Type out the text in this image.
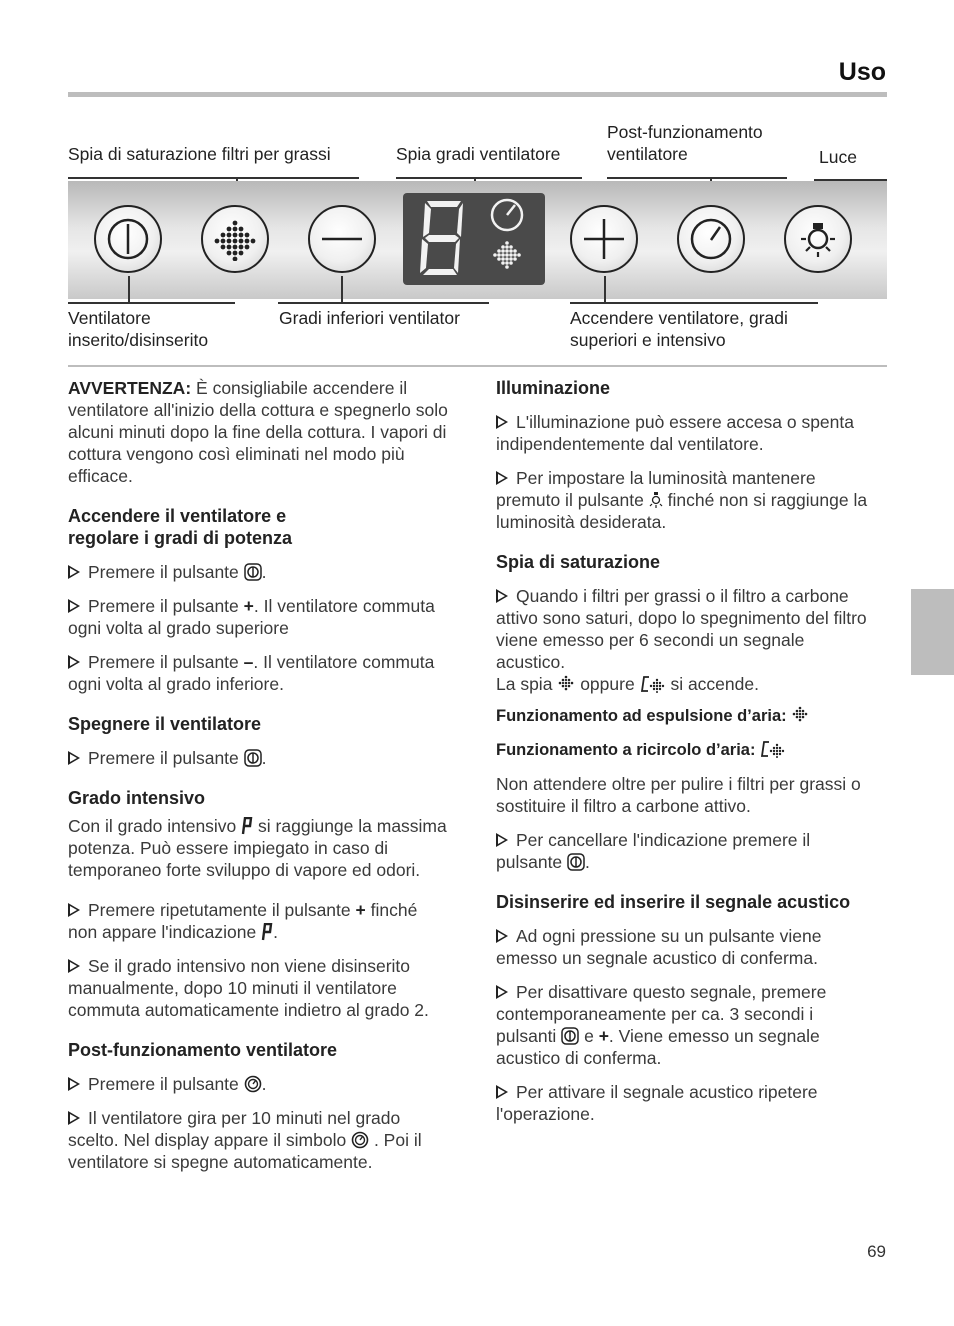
Uso
Spia di saturazione filtri per grassi	Spia gradi ventilatore
Post-funzionamento
ventilatore	Luce
Ventilatore
inserito/disinserito
Gradi inferiori ventilator	Accendere ventilatore, gradi
superiori e intensivo

AVVERTENZA: È consigliabile accendere il ventilatore all'inizio della cottura e spegnerlo solo alcuni minuti dopo la fine della cottura. I vapori di cottura vengono così eliminati nel modo più efficace.

Accendere il ventilatore e regolare i gradi di potenza

Premere il pulsante .

Premere il pulsante +. Il ventilatore commuta ogni volta al grado superiore

Premere il pulsante –. Il ventilatore commuta ogni volta al grado inferiore.

Spegnere il ventilatore

Premere il pulsante .

Grado intensivo

Con il grado intensivo si raggiunge la massima potenza. Può essere impiegato in caso di temporaneo forte sviluppo di vapore ed odori.

Premere ripetutamente il pulsante + finché non appare l'indicazione .

Se il grado intensivo non viene disinserito manualmente, dopo 10 minuti il ventilatore commuta automaticamente indietro al grado 2.

Post-funzionamento ventilatore

Premere il pulsante .

Il ventilatore gira per 10 minuti nel grado scelto. Nel display appare il simbolo . Poi il ventilatore si spegne automaticamente.

Illuminazione

L'illuminazione può essere accesa o spenta indipendentemente dal ventilatore.

Per impostare la luminosità mantenere premuto il pulsante finché non si raggiunge la luminosità desiderata.

Spia di saturazione

Quando i filtri per grassi o il filtro a carbone attivo sono saturi, dopo lo spegnimento del filtro viene emesso per 6 secondi un segnale acustico.
La spia oppure si accende.

Funzionamento ad espulsione d’aria:
Funzionamento a ricircolo d’aria:

Non attendere oltre per pulire i filtri per grassi o sostituire il filtro a carbone attivo.

Per cancellare l'indicazione premere il pulsante .

Disinserire ed inserire il segnale acustico

Ad ogni pressione su un pulsante viene emesso un segnale acustico di conferma.

Per disattivare questo segnale, premere contemporaneamente per ca. 3 secondi i pulsanti e +. Viene emesso un segnale acustico di conferma.

Per attivare il segnale acustico ripetere l'operazione.

69
